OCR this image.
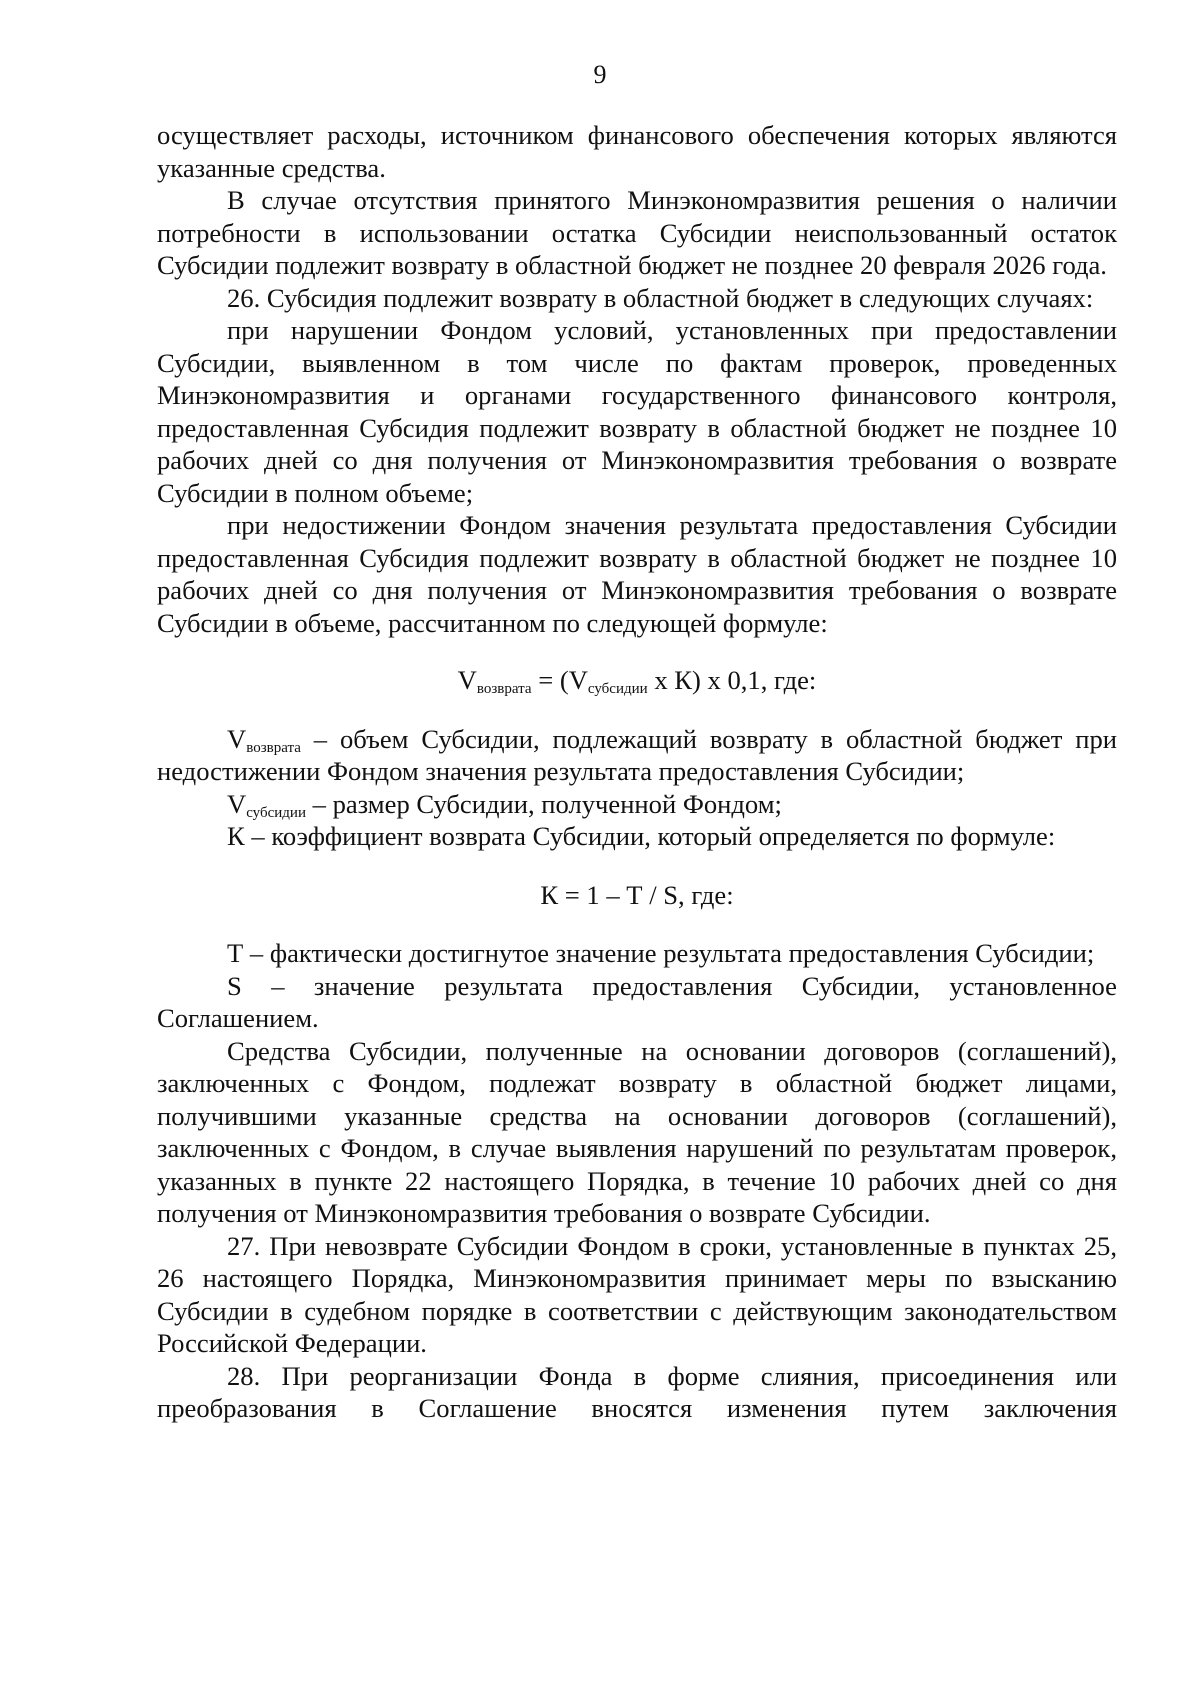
9

осуществляет расходы, источником финансового обеспечения которых являются указанные средства.

В случае отсутствия принятого Минэкономразвития решения о наличии потребности в использовании остатка Субсидии неиспользованный остаток Субсидии подлежит возврату в областной бюджет не позднее 20 февраля 2026 года.

26. Субсидия подлежит возврату в областной бюджет в следующих случаях:

при нарушении Фондом условий, установленных при предоставлении Субсидии, выявленном в том числе по фактам проверок, проведенных Минэкономразвития и органами государственного финансового контроля, предоставленная Субсидия подлежит возврату в областной бюджет не позднее 10 рабочих дней со дня получения от Минэкономразвития требования о возврате Субсидии в полном объеме;

при недостижении Фондом значения результата предоставления Субсидии предоставленная Субсидия подлежит возврату в областной бюджет не позднее 10 рабочих дней со дня получения от Минэкономразвития требования о возврате Субсидии в объеме, рассчитанном по следующей формуле:

$V_{возврата} = (V_{субсидии}$ x К) x 0,1, где:

$V_{возврата}$ – объем Субсидии, подлежащий возврату в областной бюджет при недостижении Фондом значения результата предоставления Субсидии;

$V_{субсидии}$ – размер Субсидии, полученной Фондом;

К – коэффициент возврата Субсидии, который определяется по формуле:

К = 1 – Т / S, где:

Т – фактически достигнутое значение результата предоставления Субсидии;

S – значение результата предоставления Субсидии, установленное Соглашением.

Средства Субсидии, полученные на основании договоров (соглашений), заключенных с Фондом, подлежат возврату в областной бюджет лицами, получившими указанные средства на основании договоров (соглашений), заключенных с Фондом, в случае выявления нарушений по результатам проверок, указанных в пункте 22 настоящего Порядка, в течение 10 рабочих дней со дня получения от Минэкономразвития требования о возврате Субсидии.

27. При невозврате Субсидии Фондом в сроки, установленные в пунктах 25, 26 настоящего Порядка, Минэкономразвития принимает меры по взысканию Субсидии в судебном порядке в соответствии с действующим законодательством Российской Федерации.

28. При реорганизации Фонда в форме слияния, присоединения или преобразования в Соглашение вносятся изменения путем заключения
